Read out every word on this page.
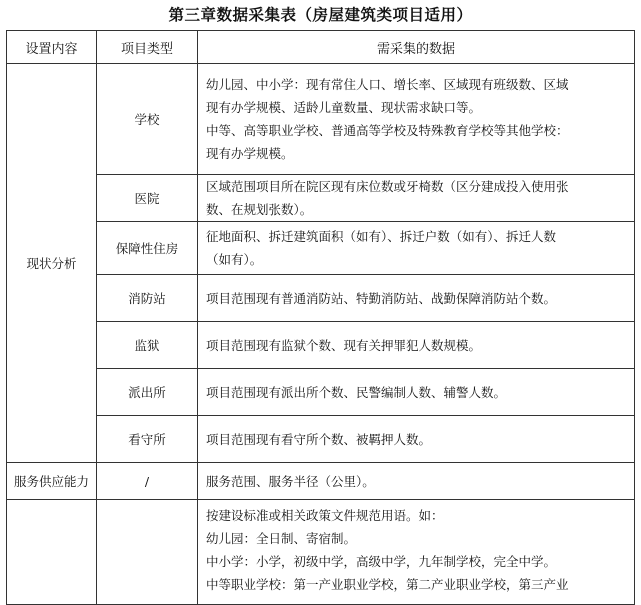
第三章数据采集表（房屋建筑类项目适用）
设置内容	项目类型	需采集的数据
现状分析	学校	幼儿园、中小学：现有常住人口、增长率、区域现有班级数、区域
现有办学规模、适龄儿童数量、现状需求缺口等。
中等、高等职业学校、普通高等学校及特殊教育学校等其他学校：
现有办学规模。

	医院	区域范围项目所在院区现有床位数或牙椅数（区分建成投入使用张
数、在规划张数）。

	保障性住房	征地面积、拆迁建筑面积（如有）、拆迁户数（如有）、拆迁人数
（如有）。

	消防站	项目范围现有普通消防站、特勤消防站、战勤保障消防站个数。

	监狱	项目范围现有监狱个数、现有关押罪犯人数规模。

	派出所	项目范围现有派出所个数、民警编制人数、辅警人数。

	看守所	项目范围现有看守所个数、被羁押人数。

服务供应能力	/	服务范围、服务半径（公里）。

		按建设标准或相关政策文件规范用语。如：
幼儿园：全日制、寄宿制。
中小学：小学，初级中学，高级中学，九年制学校，完全中学。
中等职业学校：第一产业职业学校，第二产业职业学校，第三产业
